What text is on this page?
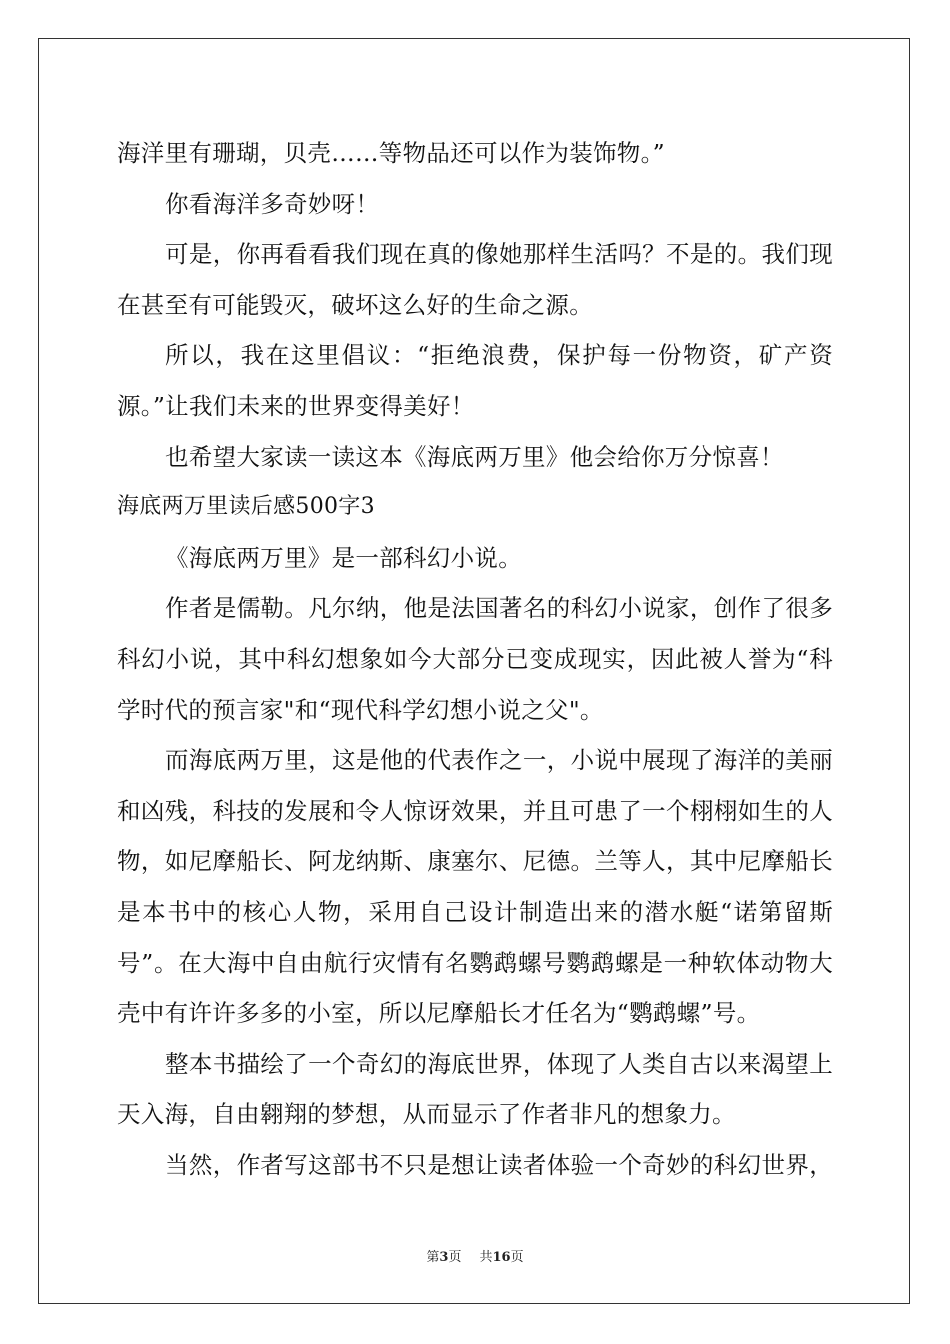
海洋里有珊瑚，贝壳……等物品还可以作为装饰物。”
你看海洋多奇妙呀！
可是，你再看看我们现在真的像她那样生活吗？不是的。我们现
在甚至有可能毁灭，破坏这么好的生命之源。
所以，我在这里倡议：“拒绝浪费，保护每一份物资，矿产资
源。”让我们未来的世界变得美好！
也希望大家读一读这本《海底两万里》他会给你万分惊喜！
海底两万里读后感500字3
《海底两万里》是一部科幻小说。
作者是儒勒。凡尔纳，他是法国著名的科幻小说家，创作了很多
科幻小说，其中科幻想象如今大部分已变成现实，因此被人誉为“科
学时代的预言家"和“现代科学幻想小说之父"。
而海底两万里，这是他的代表作之一，小说中展现了海洋的美丽
和凶残，科技的发展和令人惊讶效果，并且可患了一个栩栩如生的人
物，如尼摩船长、阿龙纳斯、康塞尔、尼德。兰等人，其中尼摩船长
是本书中的核心人物，采用自己设计制造出来的潜水艇“诺第留斯
号”。在大海中自由航行灾情有名鹦鹉螺号鹦鹉螺是一种软体动物大
壳中有许许多多的小室，所以尼摩船长才任名为“鹦鹉螺”号。
整本书描绘了一个奇幻的海底世界，体现了人类自古以来渴望上
天入海，自由翱翔的梦想，从而显示了作者非凡的想象力。
当然，作者写这部书不只是想让读者体验一个奇妙的科幻世界，
第3页 共16页
